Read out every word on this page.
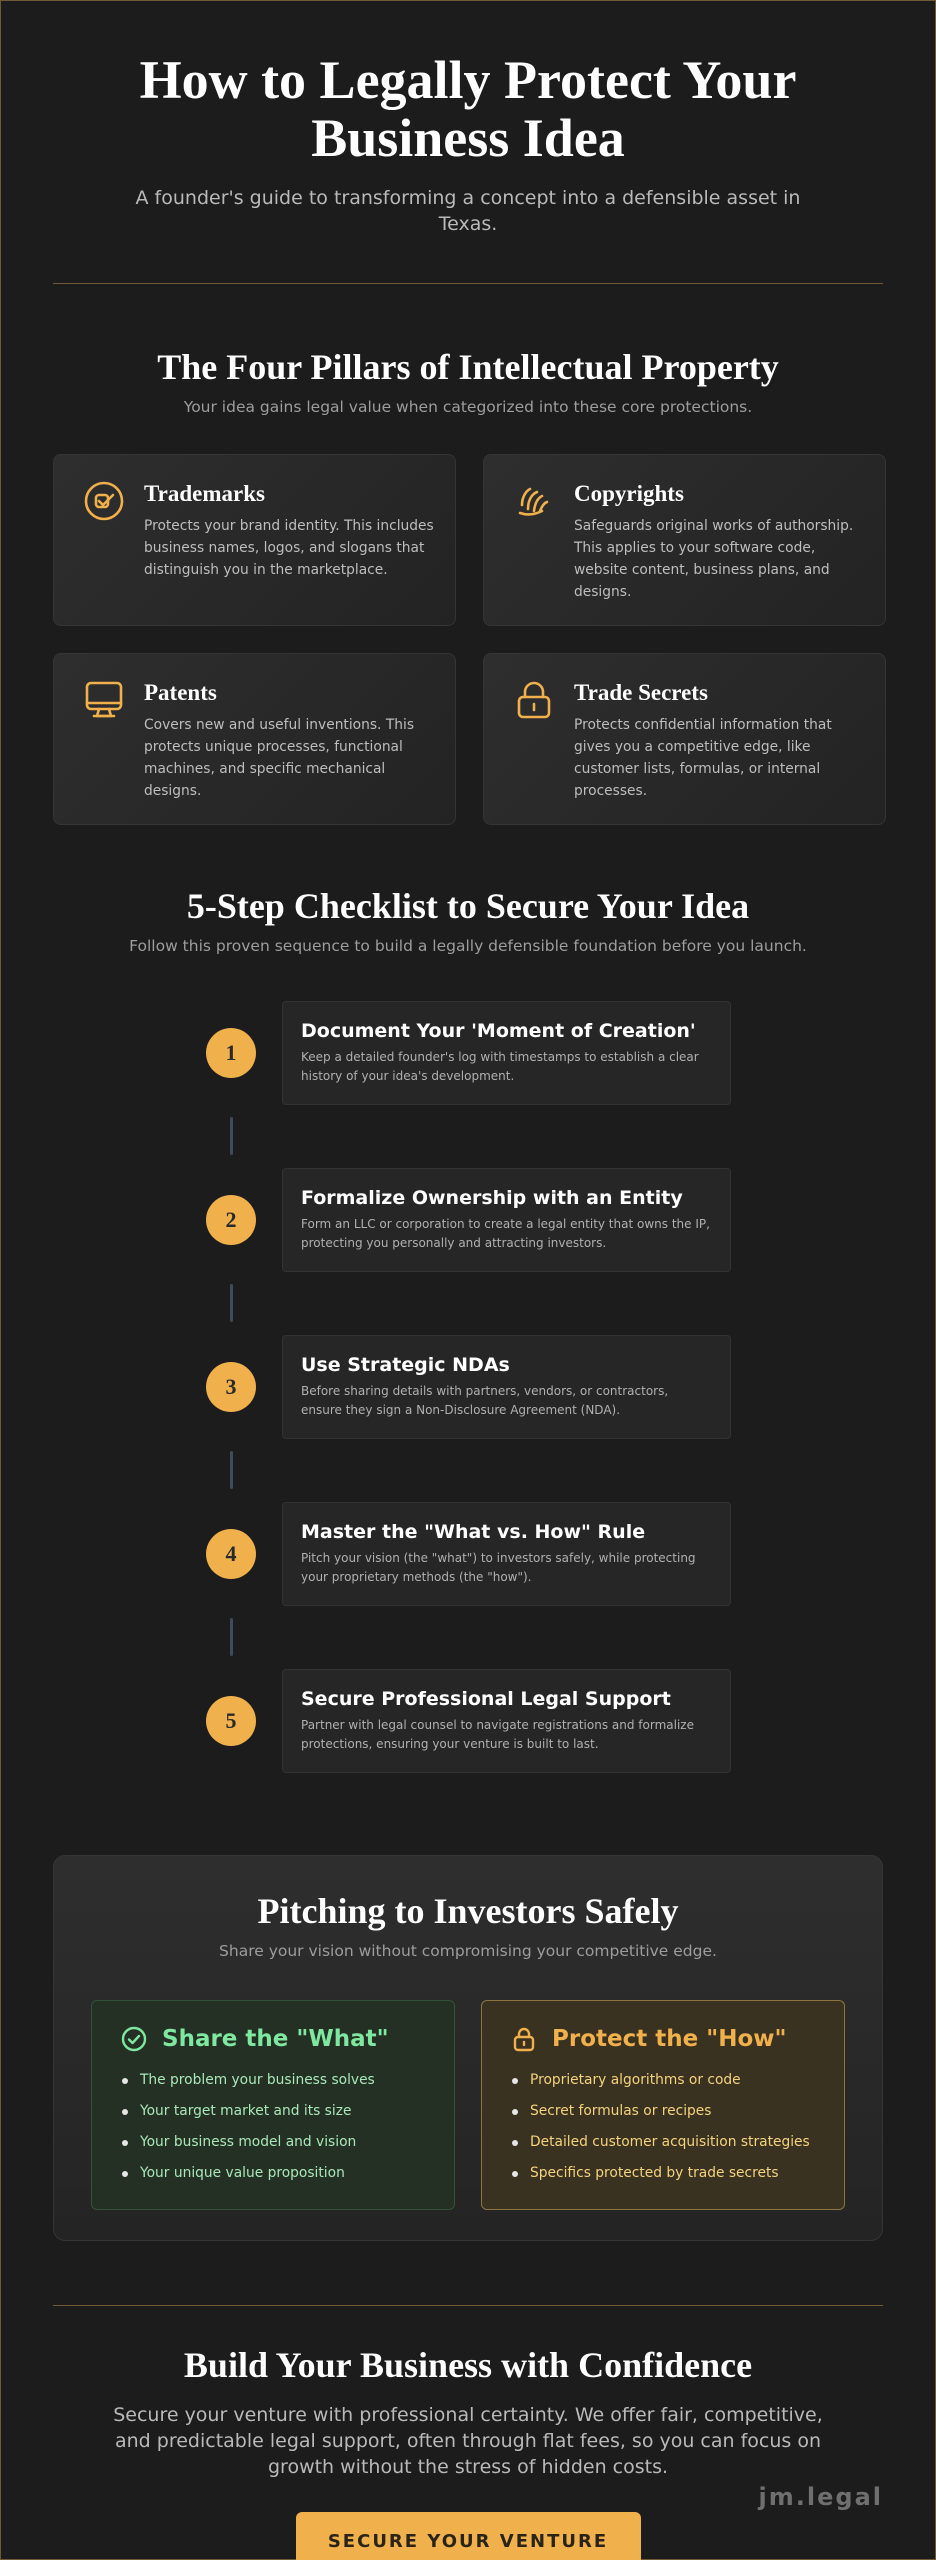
How to Legally Protect Your Business Idea

A founder's guide to transforming a concept into a defensible asset in Texas.

The Four Pillars of Intellectual Property

Your idea gains legal value when categorized into these core protections.

Trademarks
Protects your brand identity. This includes business names, logos, and slogans that distinguish you in the marketplace.
Copyrights
Safeguards original works of authorship. This applies to your software code, website content, business plans, and designs.
Patents
Covers new and useful inventions. This protects unique processes, functional machines, and specific mechanical designs.
Trade Secrets
Protects confidential information that gives you a competitive edge, like customer lists, formulas, or internal processes.
5-Step Checklist to Secure Your Idea

Follow this proven sequence to build a legally defensible foundation before you launch.

1
Document Your 'Moment of Creation'
Keep a detailed founder's log with timestamps to establish a clear history of your idea's development.
2
Formalize Ownership with an Entity
Form an LLC or corporation to create a legal entity that owns the IP, protecting you personally and attracting investors.
3
Use Strategic NDAs
Before sharing details with partners, vendors, or contractors, ensure they sign a Non-Disclosure Agreement (NDA).
4
Master the "What vs. How" Rule
Pitch your vision (the "what") to investors safely, while protecting your proprietary methods (the "how").
5
Secure Professional Legal Support
Partner with legal counsel to navigate registrations and formalize protections, ensuring your venture is built to last.
Pitching to Investors Safely

Share your vision without compromising your competitive edge.

Share the "What"
The problem your business solves
Your target market and its size
Your business model and vision
Your unique value proposition
Protect the "How"
Proprietary algorithms or code
Secret formulas or recipes
Detailed customer acquisition strategies
Specifics protected by trade secrets
Build Your Business with Confidence

Secure your venture with professional certainty. We offer fair, competitive, and predictable legal support, often through flat fees, so you can focus on growth without the stress of hidden costs.

SECURE YOUR VENTURE
jm.legal
